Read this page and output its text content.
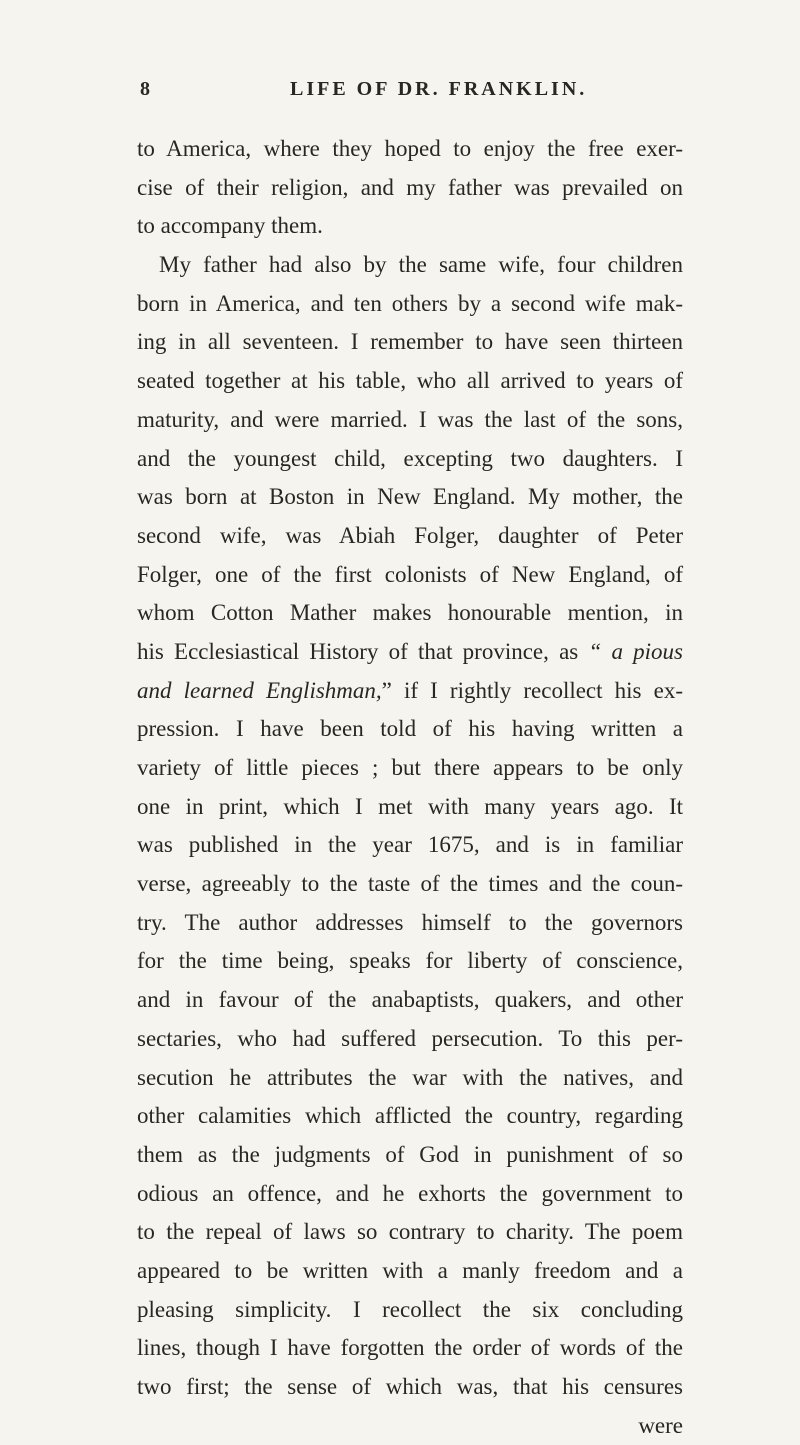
8	LIFE OF DR. FRANKLIN.
to America, where they hoped to enjoy the free exer-
cise of their religion, and my father was prevailed on
to accompany them.
My father had also by the same wife, four children
born in America, and ten others by a second wife mak-
ing in all seventeen. I remember to have seen thirteen
seated together at his table, who all arrived to years of
maturity, and were married. I was the last of the sons,
and the youngest child, excepting two daughters. I
was born at Boston in New England. My mother, the
second wife, was Abiah Folger, daughter of Peter
Folger, one of the first colonists of New England, of
whom Cotton Mather makes honourable mention, in
his Ecclesiastical History of that province, as “ a pious
and learned Englishman,” if I rightly recollect his ex-
pression. I have been told of his having written a
variety of little pieces ; but there appears to be only
one in print, which I met with many years ago. It
was published in the year 1675, and is in familiar
verse, agreeably to the taste of the times and the coun-
try. The author addresses himself to the governors
for the time being, speaks for liberty of conscience,
and in favour of the anabaptists, quakers, and other
sectaries, who had suffered persecution. To this per-
secution he attributes the war with the natives, and
other calamities which afflicted the country, regarding
them as the judgments of God in punishment of so
odious an offence, and he exhorts the government to
to the repeal of laws so contrary to charity. The poem
appeared to be written with a manly freedom and a
pleasing simplicity. I recollect the six concluding
lines, though I have forgotten the order of words of the
two first; the sense of which was, that his censures
were
